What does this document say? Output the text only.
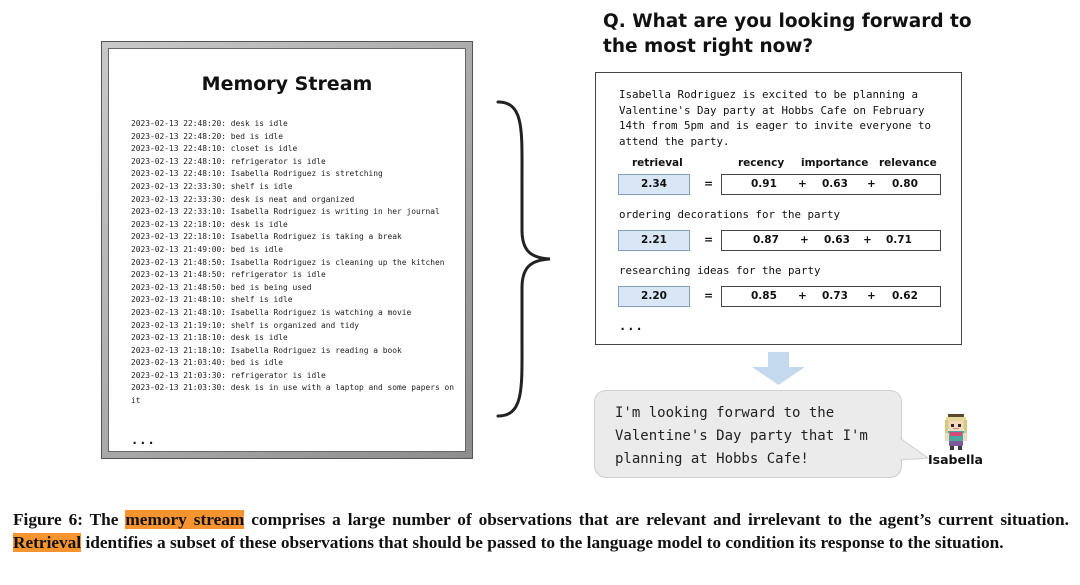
Memory Stream
2023-02-13 22:48:20: desk is idle
2023-02-13 22:48:20: bed is idle
2023-02-13 22:48:10: closet is idle
2023-02-13 22:48:10: refrigerator is idle
2023-02-13 22:48:10: Isabella Rodriguez is stretching
2023-02-13 22:33:30: shelf is idle
2023-02-13 22:33:30: desk is neat and organized
2023-02-13 22:33:10: Isabella Rodriguez is writing in her journal
2023-02-13 22:18:10: desk is idle
2023-02-13 22:18:10: Isabella Rodriguez is taking a break
2023-02-13 21:49:00: bed is idle
2023-02-13 21:48:50: Isabella Rodriguez is cleaning up the kitchen
2023-02-13 21:48:50: refrigerator is idle
2023-02-13 21:48:50: bed is being used
2023-02-13 21:48:10: shelf is idle
2023-02-13 21:48:10: Isabella Rodriguez is watching a movie
2023-02-13 21:19:10: shelf is organized and tidy
2023-02-13 21:18:10: desk is idle
2023-02-13 21:18:10: Isabella Rodriguez is reading a book
2023-02-13 21:03:40: bed is idle
2023-02-13 21:03:30: refrigerator is idle
2023-02-13 21:03:30: desk is in use with a laptop and some papers on it
...
Q. What are you looking forward to the most right now?
Isabella Rodriguez is excited to be planning a Valentine's Day party at Hobbs Cafe on February 14th from 5pm and is eager to invite everyone to attend the party.
retrieval	recency importance relevance
2.34	=	0.91 + 0.63 + 0.80
ordering decorations for the party
2.21	=	0.87 + 0.63 + 0.71
researching ideas for the party
2.20	=	0.85 + 0.73 + 0.62
...
I'm looking forward to the Valentine's Day party that I'm planning at Hobbs Cafe!	Isabella
Figure 6: The memory stream comprises a large number of observations that are relevant and irrelevant to the agent’s current situation. Retrieval identifies a subset of these observations that should be passed to the language model to condition its response to the situation.
